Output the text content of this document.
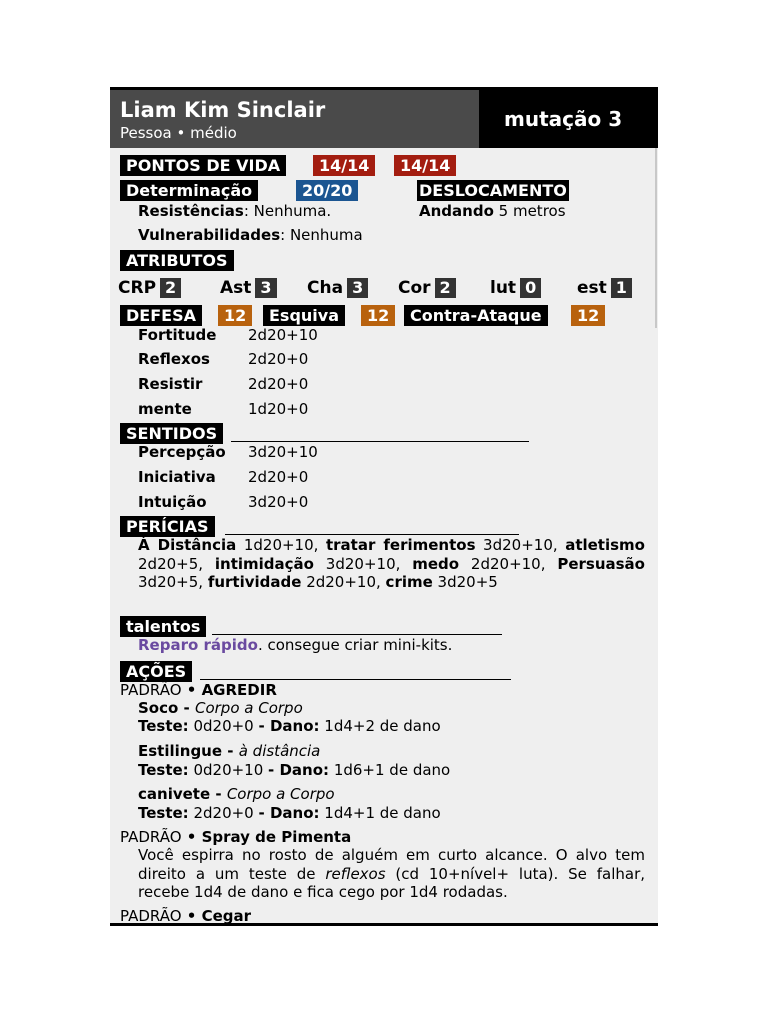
Liam Kim Sinclair
Pessoa • médio
mutação 3
PONTOS DE VIDA	14/14	14/14
Determinação	20/20	DESLOCAMENTO
Resistências: Nenhuma.	Andando 5 metros
Vulnerabilidades: Nenhuma
ATRIBUTOS
CRP 2	Ast 3 Cha 3 Cor 2 lut 0 est 1
DEFESA	12	Esquiva	12	Contra-Ataque	12
Fortitude 2d20+10
Reflexos	2d20+0
Resistir	2d20+0
mente	1d20+0
SENTIDOS
Percepção 3d20+10
Iniciativa 2d20+0
Intuição	3d20+0
PERÍCIAS
À Distância 1d20+10, tratar ferimentos 3d20+10, atletismo 2d20+5, intimidação 3d20+10, medo 2d20+10, Persuasão 3d20+5, furtividade 2d20+10, crime 3d20+5
talentos
Reparo rápido. consegue criar mini-kits.
AÇÕES
PADRÃO • AGREDIR
Soco - Corpo a Corpo
Teste: 0d20+0 - Dano: 1d4+2 de dano
Estilingue - à distância
Teste: 0d20+10 - Dano: 1d6+1 de dano
canivete - Corpo a Corpo
Teste: 2d20+0 - Dano: 1d4+1 de dano
PADRÃO • Spray de Pimenta
Você espirra no rosto de alguém em curto alcance. O alvo tem direito a um teste de reflexos (cd 10+nível+ luta). Se falhar, recebe 1d4 de dano e fica cego por 1d4 rodadas.
PADRÃO • Cegar
